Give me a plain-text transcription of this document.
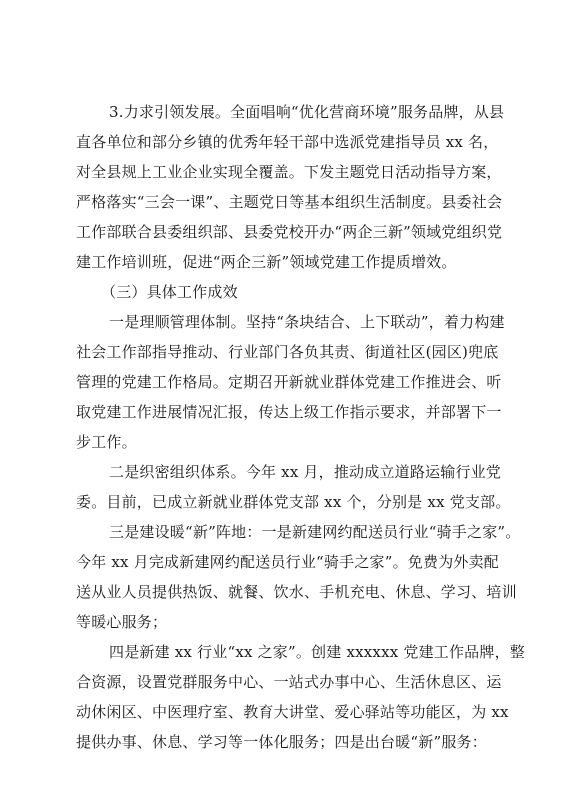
3.力求引领发展。全面唱响“优化营商环境”服务品牌，从县
直各单位和部分乡镇的优秀年轻干部中选派党建指导员 xx 名，
对全县规上工业企业实现全覆盖。下发主题党日活动指导方案，
严格落实“三会一课”、主题党日等基本组织生活制度。县委社会
工作部联合县委组织部、县委党校开办“两企三新”领域党组织党
建工作培训班，促进“两企三新”领域党建工作提质增效。
（三）具体工作成效
一是理顺管理体制。坚持“条块结合、上下联动”，着力构建
社会工作部指导推动、行业部门各负其责、街道社区(园区)兜底
管理的党建工作格局。定期召开新就业群体党建工作推进会、听
取党建工作进展情况汇报，传达上级工作指示要求，并部署下一
步工作。
二是织密组织体系。今年 xx 月，推动成立道路运输行业党
委。目前，已成立新就业群体党支部 xx 个，分别是 xx 党支部。
三是建设暖“新”阵地：一是新建网约配送员行业“骑手之家”。
今年 xx 月完成新建网约配送员行业“骑手之家”。免费为外卖配
送从业人员提供热饭、就餐、饮水、手机充电、休息、学习、培训
等暖心服务；
四是新建 xx 行业“xx 之家”。创建 xxxxxx 党建工作品牌，整
合资源，设置党群服务中心、一站式办事中心、生活休息区、运
动休闲区、中医理疗室、教育大讲堂、爱心驿站等功能区，为 xx
提供办事、休息、学习等一体化服务；四是出台暖“新”服务：
